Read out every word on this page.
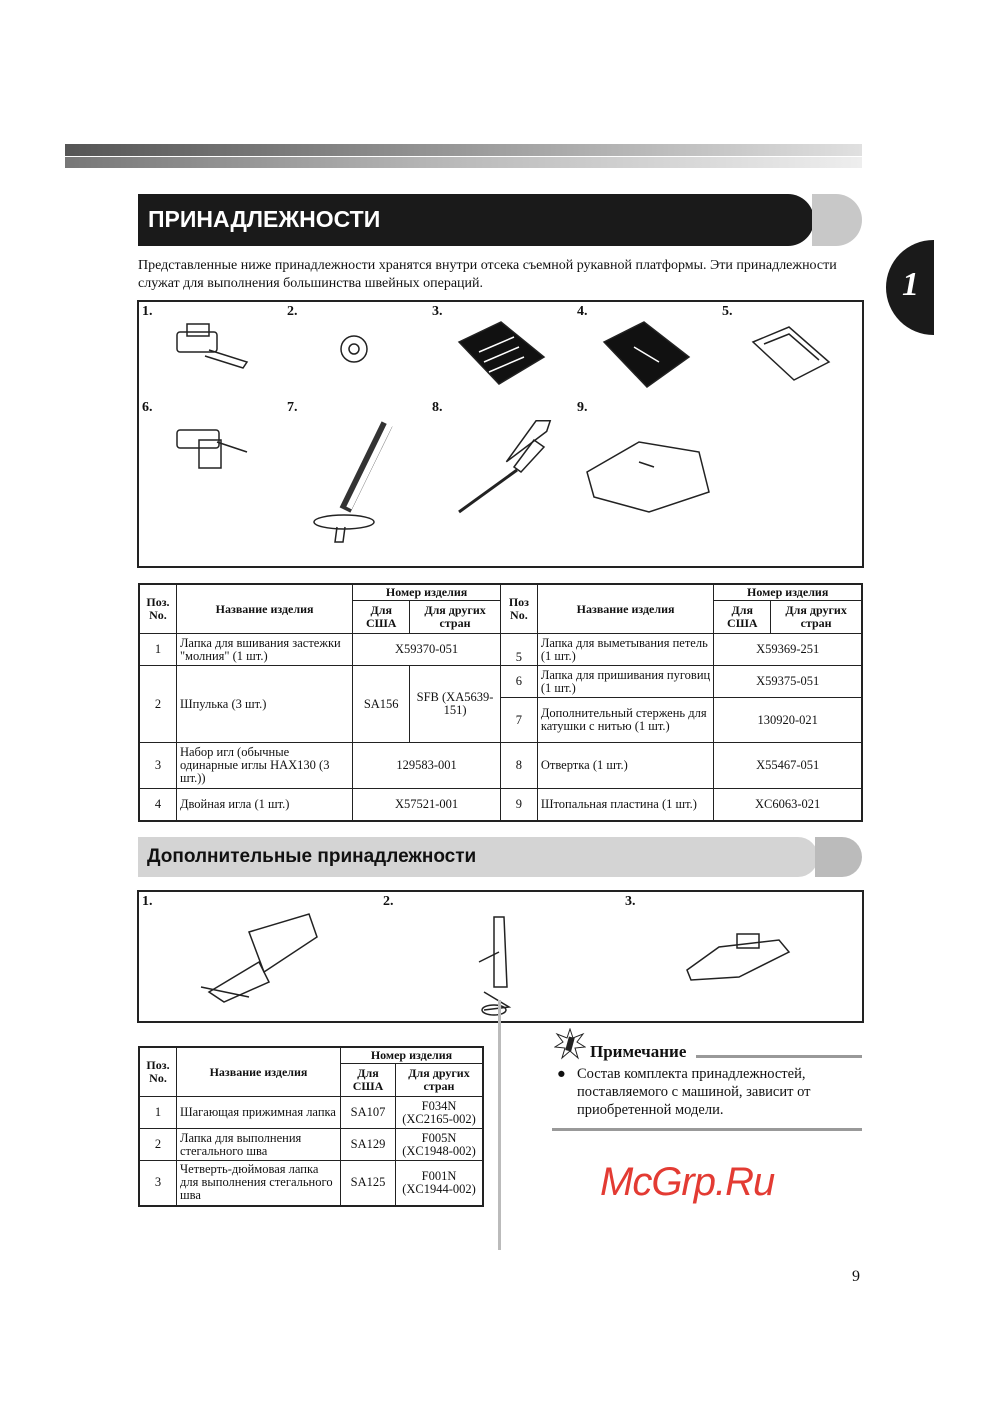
ПРИНАДЛЕЖНОСТИ
1
Представленные ниже принадлежности хранятся внутри отсека съемной рукавной платформы. Эти принадлежности служат для выполнения большинства швейных операций.
1.	2.	3.	4.	5.
6.	7.	8.	9.
Поз. No.	Название изделия	Номер изделия		Поз No.	Название изделия	Номер изделия	
		Для США	Для других стран			Для США	Для других стран
1	Лапка для вшивания застежки "молния" (1 шт.)	X59370-051		5	Лапка для выметывания петель (1 шт.)	X59369-251	
2	Шпулька (3 шт.)	SA156	SFB (XA5639-151)	6	Лапка для пришивания пуговиц (1 шт.)	X59375-051	
				7	Дополнительный стержень для катушки с нитью (1 шт.)	130920-021	
3	Набор игл (обычные одинарные иглы HAX130 (3 шт.))	129583-001		8	Отвертка (1 шт.)	X55467-051	
4	Двойная игла (1 шт.)	X57521-001		9	Штопальная пластина (1 шт.)	XC6063-021	
Дополнительные принадлежности
1.	2.	3.
Поз. No.	Название изделия	Номер изделия	
		Для США	Для других стран
1	Шагающая прижимная лапка	SA107	F034N (XC2165-002)
2	Лапка для выполнения стегального шва	SA129	F005N (XC1948-002)
3	Четверть-дюймовая лапка для выполнения стегального шва	SA125	F001N (XC1944-002)
Примечание
● Состав комплекта принадлежностей, поставляемого с машиной, зависит от приобретенной модели.
McGrp.Ru
9
